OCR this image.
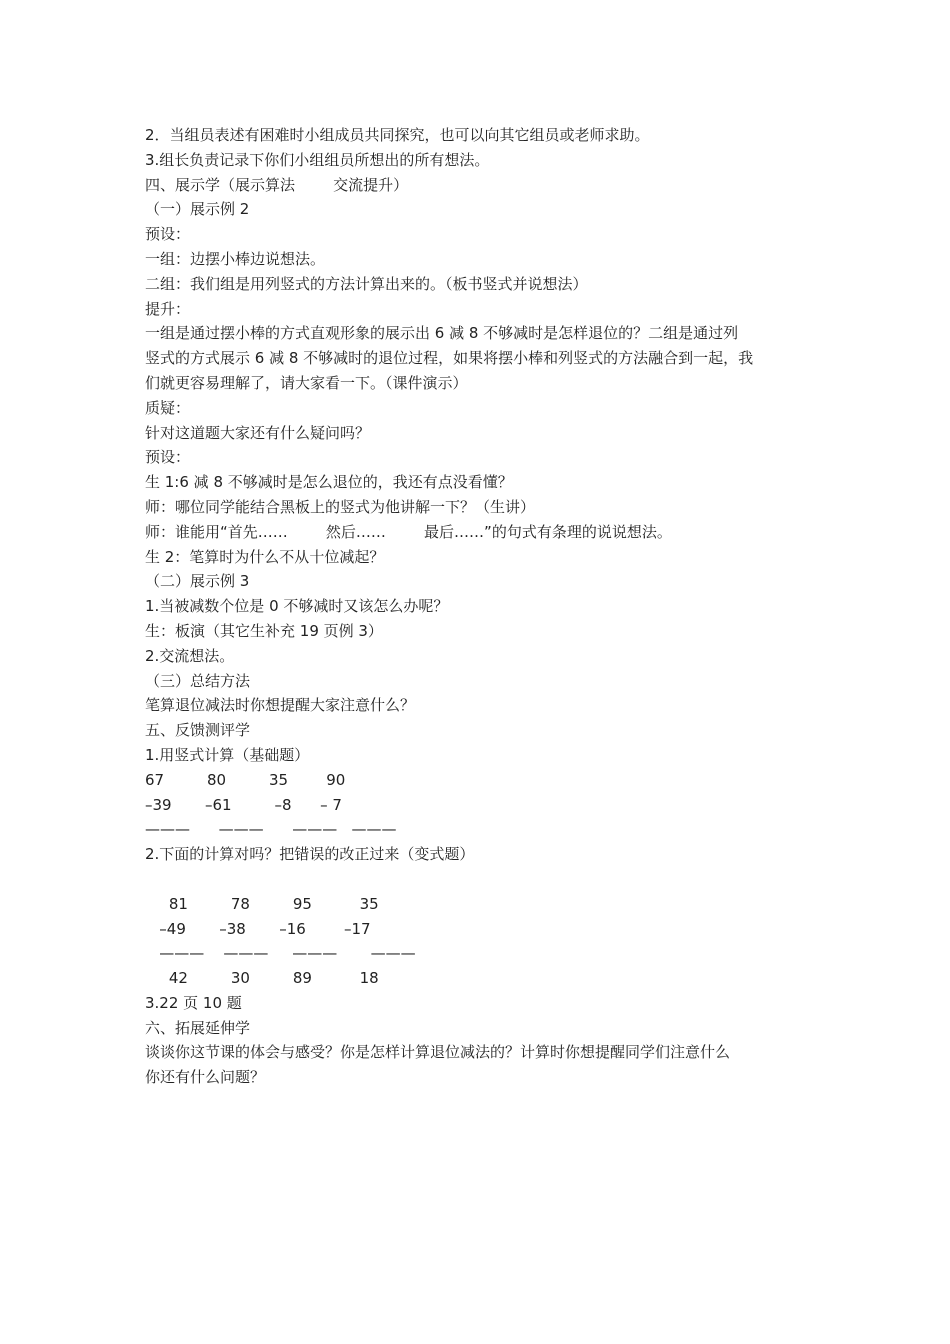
2．当组员表述有困难时小组成员共同探究，也可以向其它组员或老师求助。
3.组长负责记录下你们小组组员所想出的所有想法。
四、展示学（展示算法        交流提升）
（一）展示例 2
预设：
一组：边摆小棒边说想法。
二组：我们组是用列竖式的方法计算出来的。（板书竖式并说想法）
提升：
一组是通过摆小棒的方式直观形象的展示出 6 减 8 不够减时是怎样退位的？二组是通过列
竖式的方式展示 6 减 8 不够减时的退位过程，如果将摆小棒和列竖式的方法融合到一起，我
们就更容易理解了，请大家看一下。（课件演示）
质疑：
针对这道题大家还有什么疑问吗？
预设：
生 1:6 减 8 不够减时是怎么退位的，我还有点没看懂？
师：哪位同学能结合黑板上的竖式为他讲解一下？（生讲）
师：谁能用“首先……        然后……        最后……”的句式有条理的说说想法。
生 2：笔算时为什么不从十位减起？
（二）展示例 3
1.当被减数个位是 0 不够减时又该怎么办呢？
生：板演（其它生补充 19 页例 3）
2.交流想法。
（三）总结方法
笔算退位减法时你想提醒大家注意什么？
五、反馈测评学
1.用竖式计算（基础题）
67         80         35        90
–39       –61         –8      – 7
———      ———      ———   ———
2.下面的计算对吗？把错误的改正过来（变式题）
81         78         95          35
–49       –38       –16        –17
———    ———     ———       ———
42         30         89          18
3.22 页 10 题
六、拓展延伸学
谈谈你这节课的体会与感受？你是怎样计算退位减法的？计算时你想提醒同学们注意什么
你还有什么问题？
